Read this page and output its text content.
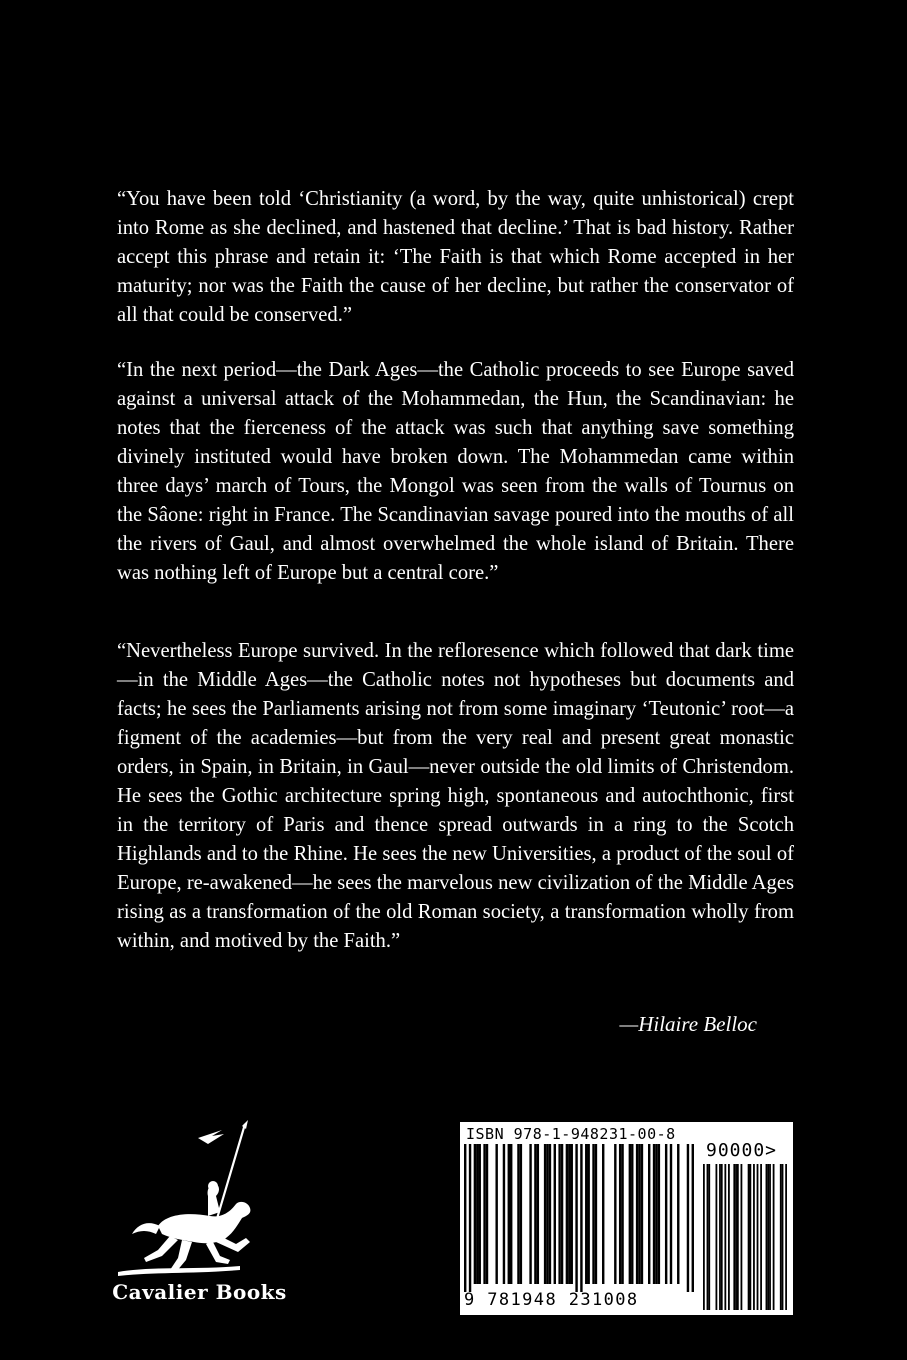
“You have been told ‘Christianity (a word, by the way, quite unhistorical) crept into Rome as she declined, and hastened that decline.’ That is bad history. Rather accept this phrase and retain it: ‘The Faith is that which Rome accepted in her maturity; nor was the Faith the cause of her decline, but rather the conservator of all that could be conserved.”

“In the next period—the Dark Ages—the Catholic proceeds to see Europe saved against a universal attack of the Mohammedan, the Hun, the Scandinavian: he notes that the fierceness of the attack was such that anything save something divinely instituted would have broken down. The Mohammedan came within three days’ march of Tours, the Mongol was seen from the walls of Tournus on the Sâone: right in France. The Scandinavian savage poured into the mouths of all the rivers of Gaul, and almost overwhelmed the whole island of Britain. There was nothing left of Europe but a central core.”

“Nevertheless Europe survived. In the refloresence which followed that dark time—in the Middle Ages—the Catholic notes not hypotheses but documents and facts; he sees the Parliaments arising not from some imaginary ‘Teutonic’ root—a figment of the academies—but from the very real and present great monastic orders, in Spain, in Britain, in Gaul—never outside the old limits of Christendom. He sees the Gothic architecture spring high, spontaneous and autochthonic, first in the territory of Paris and thence spread outwards in a ring to the Scotch Highlands and to the Rhine. He sees the new Universities, a product of the soul of Europe, re-awakened—he sees the marvelous new civilization of the Middle Ages rising as a transformation of the old Roman society, a transformation wholly from within, and motived by the Faith.”

—Hilaire Belloc
Cavalier Books
ISBN 978-1-948231-00-8
90000>
9 781948 231008
